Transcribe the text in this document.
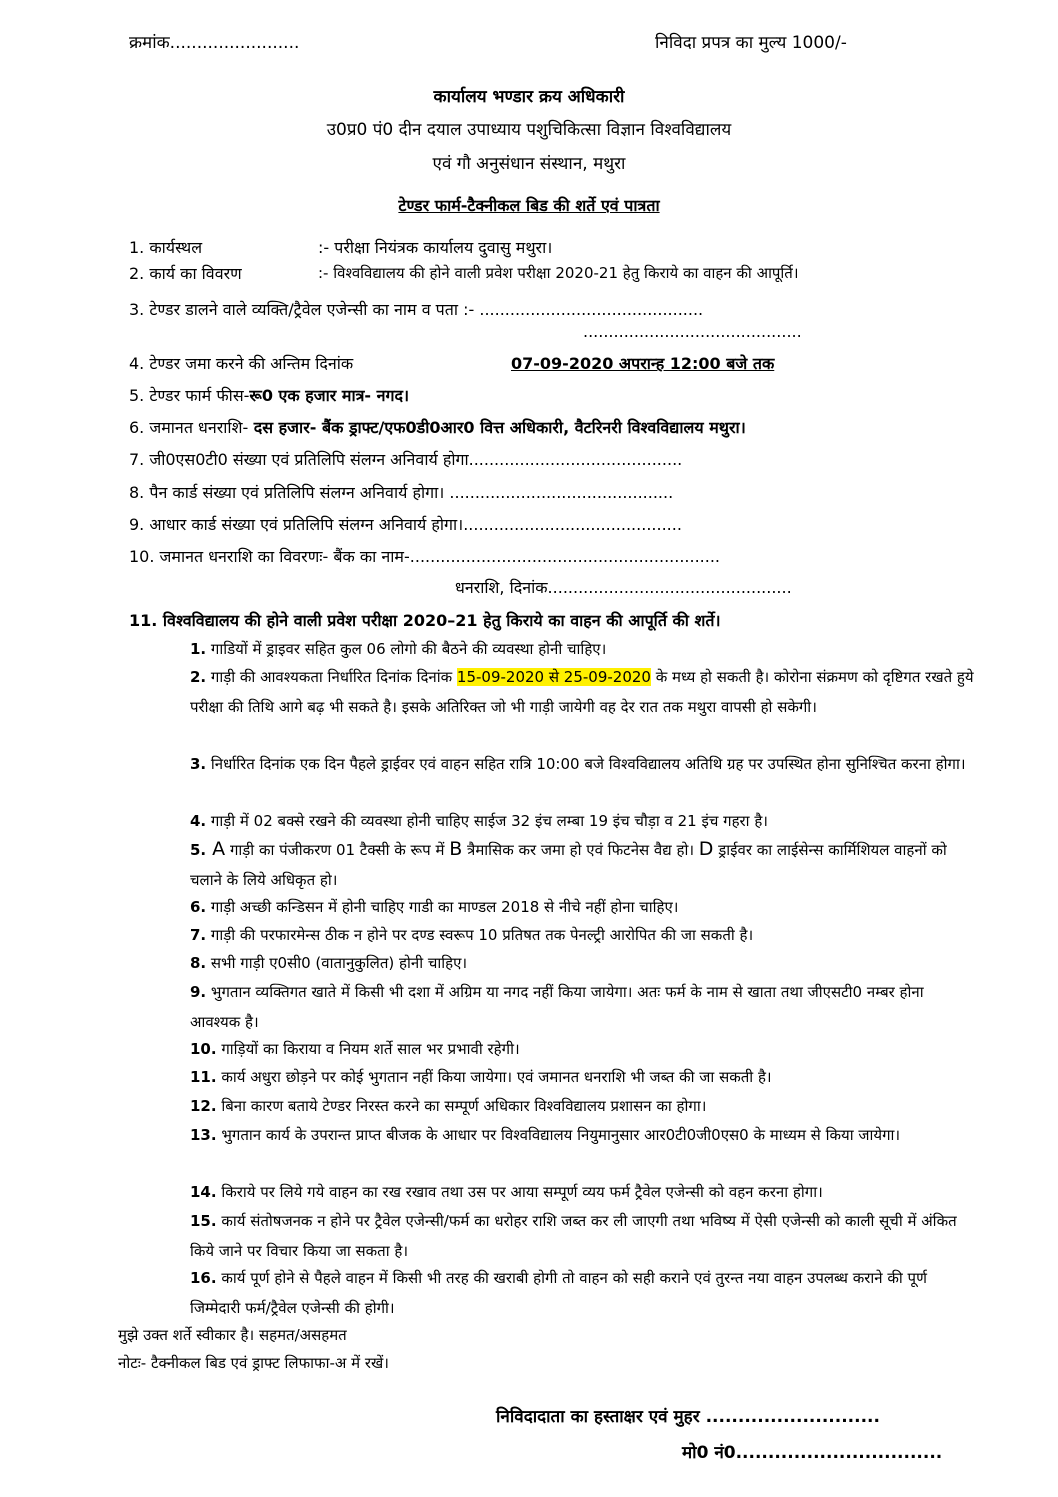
क्रमांक........................	निविदा प्रपत्र का मुल्य 1000/-
कार्यालय भण्डार क्रय अधिकारी
उ0प्र0 पं0 दीन दयाल उपाध्याय पशुचिकित्सा विज्ञान विश्वविद्यालय
एवं गौ अनुसंधान संस्थान, मथुरा
टेण्डर फार्म-टैक्नीकल बिड की शर्ते एवं पात्रता
1. कार्यस्थल	:- परीक्षा नियंत्रक कार्यालय दुवासु मथुरा।
2. कार्य का विवरण	:- विश्वविद्यालय की होने वाली प्रवेश परीक्षा 2020-21 हेतु किराये का वाहन की आपूर्ति।
3. टेण्डर डालने वाले व्यक्ति/ट्रैवेल एजेन्सी का नाम व पता :- ............................................
...........................................
4. टेण्डर जमा करने की अन्तिम दिनांक	07-09-2020 अपरान्ह 12:00 बजे तक
5. टेण्डर फार्म फीस-रू0 एक हजार मात्र- नगद।
6. जमानत धनराशि- दस हजार- बैंक ड्राफ्ट/एफ0डी0आर0 वित्त अधिकारी, वैटरिनरी विश्वविद्यालय मथुरा।
7. जी0एस0टी0 संख्या एवं प्रतिलिपि संलग्न अनिवार्य होगा..........................................
8. पैन कार्ड संख्या एवं प्रतिलिपि संलग्न अनिवार्य होगा। ............................................
9. आधार कार्ड संख्या एवं प्रतिलिपि संलग्न अनिवार्य होगा।...........................................
10. जमानत धनराशि का विवरणः- बैंक का नाम-.............................................................
धनराशि, दिनांक................................................
11. विश्वविद्यालय की होने वाली प्रवेश परीक्षा 2020–21 हेतु किराये का वाहन की आपूर्ति की शर्ते।
1. गाडियों में ड्राइवर सहित कुल 06 लोगो की बैठने की व्यवस्था होनी चाहिए।
2. गाड़ी की आवश्यकता निर्धारित दिनांक दिनांक 15-09-2020 से 25-09-2020 के मध्य हो सकती है। कोरोना संक्रमण को दृष्टिगत रखते हुये परीक्षा की तिथि आगे बढ़ भी सकते है। इसके अतिरिक्त जो भी गाड़ी जायेगी वह देर रात तक मथुरा वापसी हो सकेगी।
3. निर्धारित दिनांक एक दिन पैहले ड्राईवर एवं वाहन सहित रात्रि 10:00 बजे विश्वविद्यालय अतिथि ग्रह पर उपस्थित होना सुनिश्चित करना होगा।
4. गाड़ी में 02 बक्से रखने की व्यवस्था होनी चाहिए साईज 32 इंच लम्बा 19 इंच चौड़ा व 21 इंच गहरा है।
5. A गाड़ी का पंजीकरण 01 टैक्सी के रूप में B त्रैमासिक कर जमा हो एवं फिटनेस वैद्य हो। D ड्राईवर का लाईसेन्स कार्मिशियल वाहनों को चलाने के लिये अधिकृत हो।
6. गाड़ी अच्छी कन्डिसन में होनी चाहिए गाडी का माण्डल 2018 से नीचे नहीं होना चाहिए।
7. गाड़ी की परफारमेन्स ठीक न होने पर दण्ड स्वरूप 10 प्रतिषत तक पेनल्ट्री आरोपित की जा सकती है।
8. सभी गाड़ी ए0सी0 (वातानुकुलित) होनी चाहिए।
9. भुगतान व्यक्तिगत खाते में किसी भी दशा में अग्रिम या नगद नहीं किया जायेगा। अतः फर्म के नाम से खाता तथा जीएसटी0 नम्बर होना आवश्यक है।
10. गाड़ियों का किराया व नियम शर्ते साल भर प्रभावी रहेगी।
11. कार्य अधुरा छोड़ने पर कोई भुगतान नहीं किया जायेगा। एवं जमानत धनराशि भी जब्त की जा सकती है।
12. बिना कारण बताये टेण्डर निरस्त करने का सम्पूर्ण अधिकार विश्वविद्यालय प्रशासन का होगा।
13. भुगतान कार्य के उपरान्त प्राप्त बीजक के आधार पर विश्वविद्यालय नियुमानुसार आर0टी0जी0एस0 के माध्यम से किया जायेगा।
14. किराये पर लिये गये वाहन का रख रखाव तथा उस पर आया सम्पूर्ण व्यय फर्म ट्रैवेल एजेन्सी को वहन करना होगा।
15. कार्य संतोषजनक न होने पर ट्रैवेल एजेन्सी/फर्म का धरोहर राशि जब्त कर ली जाएगी तथा भविष्य में ऐसी एजेन्सी को काली सूची में अंकित किये जाने पर विचार किया जा सकता है।
16. कार्य पूर्ण होने से पैहले वाहन में किसी भी तरह की खराबी होगी तो वाहन को सही कराने एवं तुरन्त नया वाहन उपलब्ध कराने की पूर्ण जिम्मेदारी फर्म/ट्रैवेल एजेन्सी की होगी।
मुझे उक्त शर्ते स्वीकार है। सहमत/असहमत
नोटः- टैक्नीकल बिड एवं ड्राफ्ट लिफाफा-अ में रखें।
निविदादाता का हस्ताक्षर एवं मुहर ...........................
मो0 नं0................................
